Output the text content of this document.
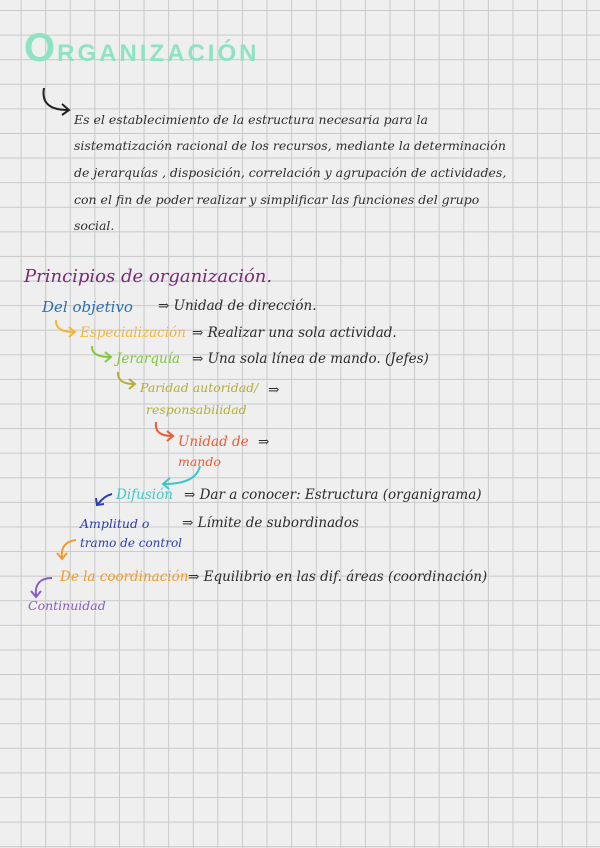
ORGANIZACIÓN
Es el establecimiento de la estructura necesaria para la
sistematización racional de los recursos, mediante la determinación
de jerarquías , disposición, correlación y agrupación de actividades,
con el fin de poder realizar y simplificar las funciones del grupo
social.
Principios de organización.
Del objetivo ⇒ Unidad de dirección.
Especialización ⇒ Realizar una sola actividad.
Jerarquía ⇒ Una sola línea de mando. (Jefes)
Paridad autoridad/
responsabilidad
⇒
Unidad de
mando
⇒
Difusión ⇒ Dar a conocer: Estructura (organigrama)
Amplitud o
tramo de control
⇒ Límite de subordinados
De la coordinación ⇒ Equilibrio en las dif. áreas (coordinación)
Continuidad
